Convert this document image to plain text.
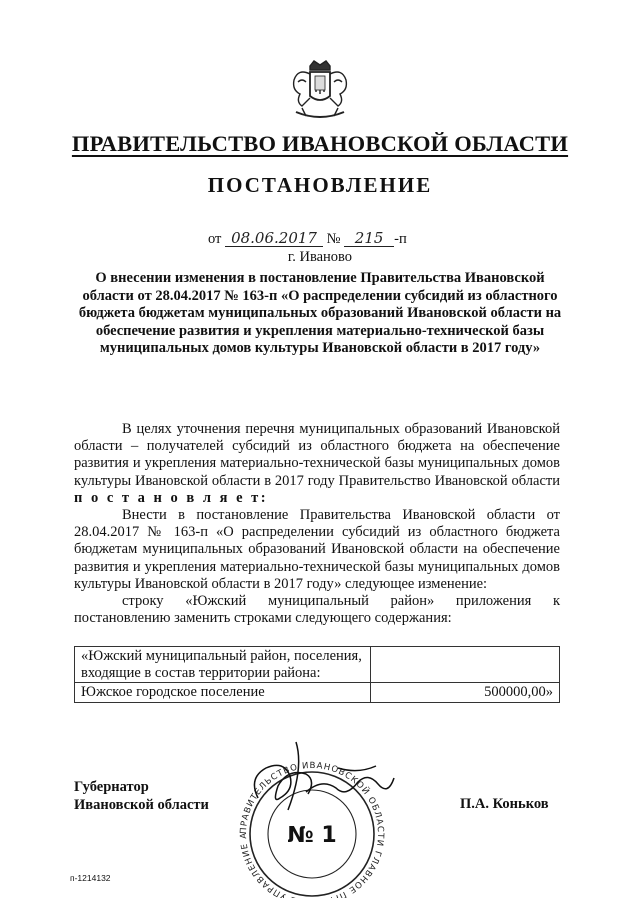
ПРАВИТЕЛЬСТВО ИВАНОВСКОЙ ОБЛАСТИ
ПОСТАНОВЛЕНИЕ
от 08.06.2017 № 215 -п
г. Иваново
О внесении изменения в постановление Правительства Ивановской области от 28.04.2017 № 163-п «О распределении субсидий из областного бюджета бюджетам муниципальных образований Ивановской области на обеспечение развития и укрепления материально-технической базы муниципальных домов культуры Ивановской области в 2017 году»

В целях уточнения перечня муниципальных образований Ивановской области – получателей субсидий из областного бюджета на обеспечение развития и укрепления материально-технической базы муниципальных домов культуры Ивановской области в 2017 году Правительство Ивановской области п о с т а н о в л я е т:

Внести в постановление Правительства Ивановской области от 28.04.2017 № 163-п «О распределении субсидий из областного бюджета бюджетам муниципальных образований Ивановской области на обеспечение развития и укрепления материально-технической базы муниципальных домов культуры Ивановской области в 2017 году» следующее изменение:

строку «Южский муниципальный район» приложения к постановлению заменить строками следующего содержания:

«Южский муниципальный район, поселения, входящие в состав территории района:	
Южское городское поселение	500000,00»
Губернатор
Ивановской области
ПРАВИТЕЛЬСТВО ИВАНОВСКОЙ ОБЛАСТИ ГЛАВНОЕ ПР УПРАВЛЕНИЕ А	№ 1
П.А. Коньков
п-1214132
